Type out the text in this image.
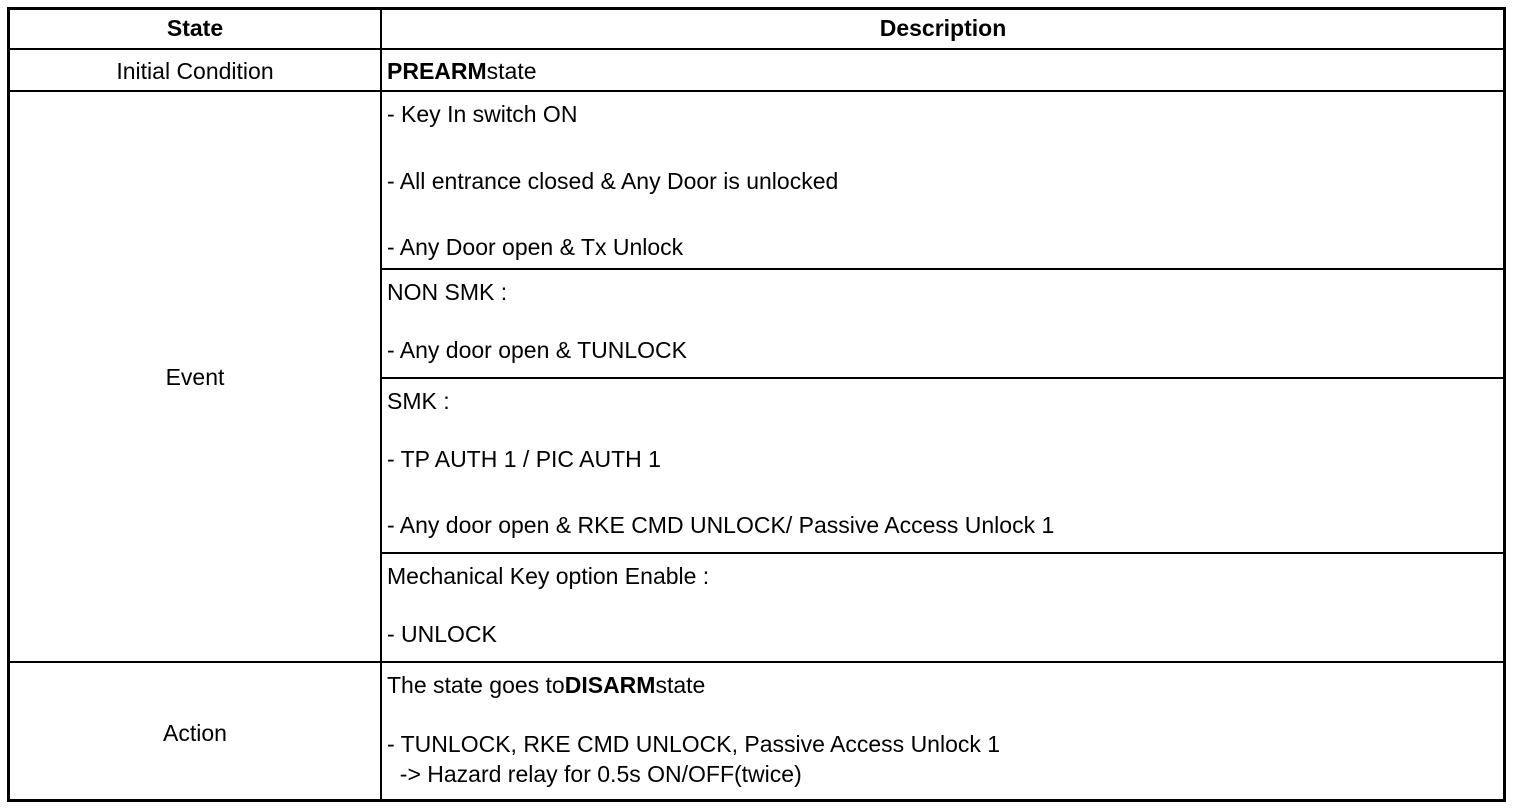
State	Description
Initial Condition	PREARMstate
Event
- Key In switch ON
- All entrance closed & Any Door is unlocked
- Any Door open & Tx Unlock
NON SMK :
- Any door open & TUNLOCK
SMK :
- TP AUTH 1 / PIC AUTH 1
- Any door open & RKE CMD UNLOCK/ Passive Access Unlock 1
Mechanical Key option Enable :
- UNLOCK
Action
The state goes toDISARMstate
- TUNLOCK, RKE CMD UNLOCK, Passive Access Unlock 1
-> Hazard relay for 0.5s ON/OFF(twice)
